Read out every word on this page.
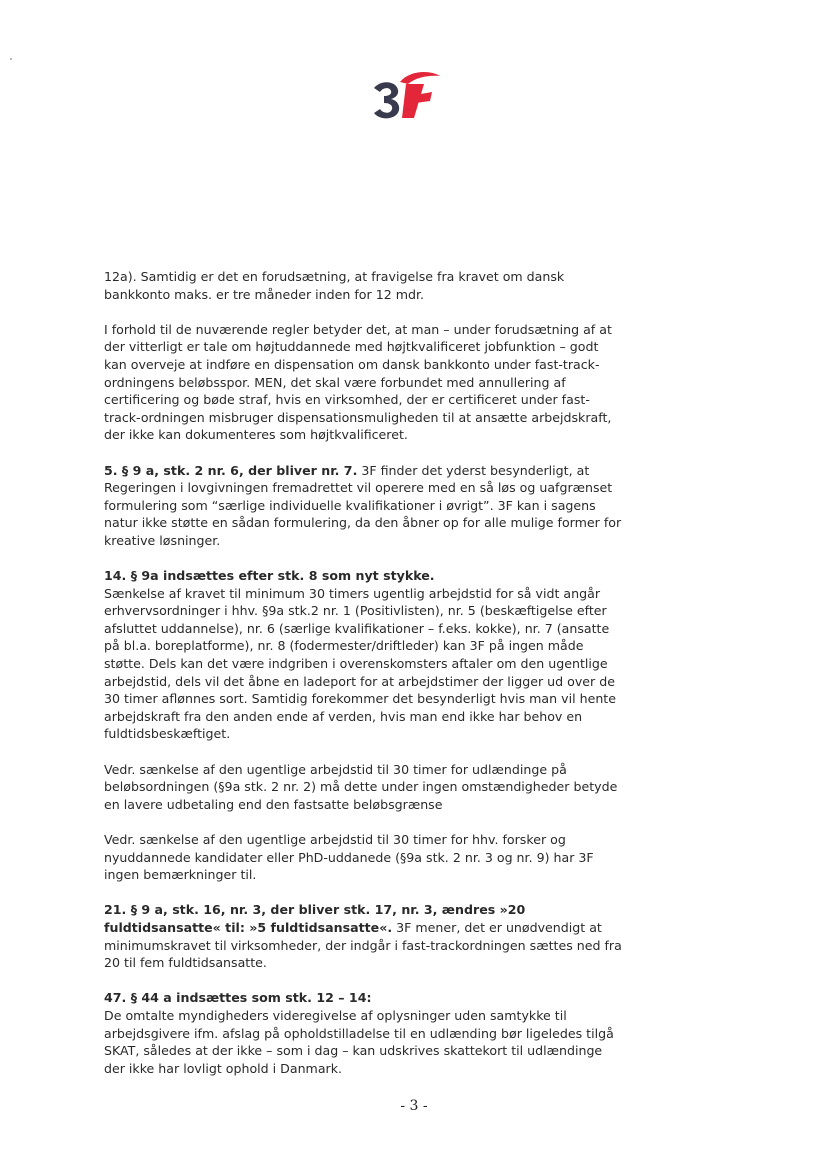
12a). Samtidig er det en forudsætning, at fravigelse fra kravet om dansk bankkonto maks. er tre måneder inden for 12 mdr.

I forhold til de nuværende regler betyder det, at man – under forudsætning af at der vitterligt er tale om højtuddannede med højtkvalificeret jobfunktion – godt kan overveje at indføre en dispensation om dansk bankkonto under fast-track-ordningens beløbsspor. MEN, det skal være forbundet med annullering af certificering og bøde straf, hvis en virksomhed, der er certificeret under fast-track-ordningen misbruger dispensationsmuligheden til at ansætte arbejdskraft, der ikke kan dokumenteres som højtkvalificeret.

5. § 9 a, stk. 2 nr. 6, der bliver nr. 7. 3F finder det yderst besynderligt, at Regeringen i lovgivningen fremadrettet vil operere med en så løs og uafgrænset formulering som “særlige individuelle kvalifikationer i øvrigt”. 3F kan i sagens natur ikke støtte en sådan formulering, da den åbner op for alle mulige former for kreative løsninger.

14. § 9a indsættes efter stk. 8 som nyt stykke.
Sænkelse af kravet til minimum 30 timers ugentlig arbejdstid for så vidt angår erhvervsordninger i hhv. §9a stk.2 nr. 1 (Positivlisten), nr. 5 (beskæftigelse efter afsluttet uddannelse), nr. 6 (særlige kvalifikationer – f.eks. kokke), nr. 7 (ansatte på bl.a. boreplatforme), nr. 8 (fodermester/driftleder) kan 3F på ingen måde støtte. Dels kan det være indgriben i overenskomsters aftaler om den ugentlige arbejdstid, dels vil det åbne en ladeport for at arbejdstimer der ligger ud over de 30 timer aflønnes sort. Samtidig forekommer det besynderligt hvis man vil hente arbejdskraft fra den anden ende af verden, hvis man end ikke har behov en fuldtidsbeskæftiget.

Vedr. sænkelse af den ugentlige arbejdstid til 30 timer for udlændinge på beløbsordningen (§9a stk. 2 nr. 2) må dette under ingen omstændigheder betyde en lavere udbetaling end den fastsatte beløbsgrænse

Vedr. sænkelse af den ugentlige arbejdstid til 30 timer for hhv. forsker og nyuddannede kandidater eller PhD-uddanede (§9a stk. 2 nr. 3 og nr. 9) har 3F ingen bemærkninger til.

21. § 9 a, stk. 16, nr. 3, der bliver stk. 17, nr. 3, ændres »20 fuldtidsansatte« til: »5 fuldtidsansatte«. 3F mener, det er unødvendigt at minimumskravet til virksomheder, der indgår i fast-trackordningen sættes ned fra 20 til fem fuldtidsansatte.

47. § 44 a indsættes som stk. 12 – 14:
De omtalte myndigheders videregivelse af oplysninger uden samtykke til arbejdsgivere ifm. afslag på opholdstilladelse til en udlænding bør ligeledes tilgå SKAT, således at der ikke – som i dag – kan udskrives skattekort til udlændinge der ikke har lovligt ophold i Danmark.

- 3 -
